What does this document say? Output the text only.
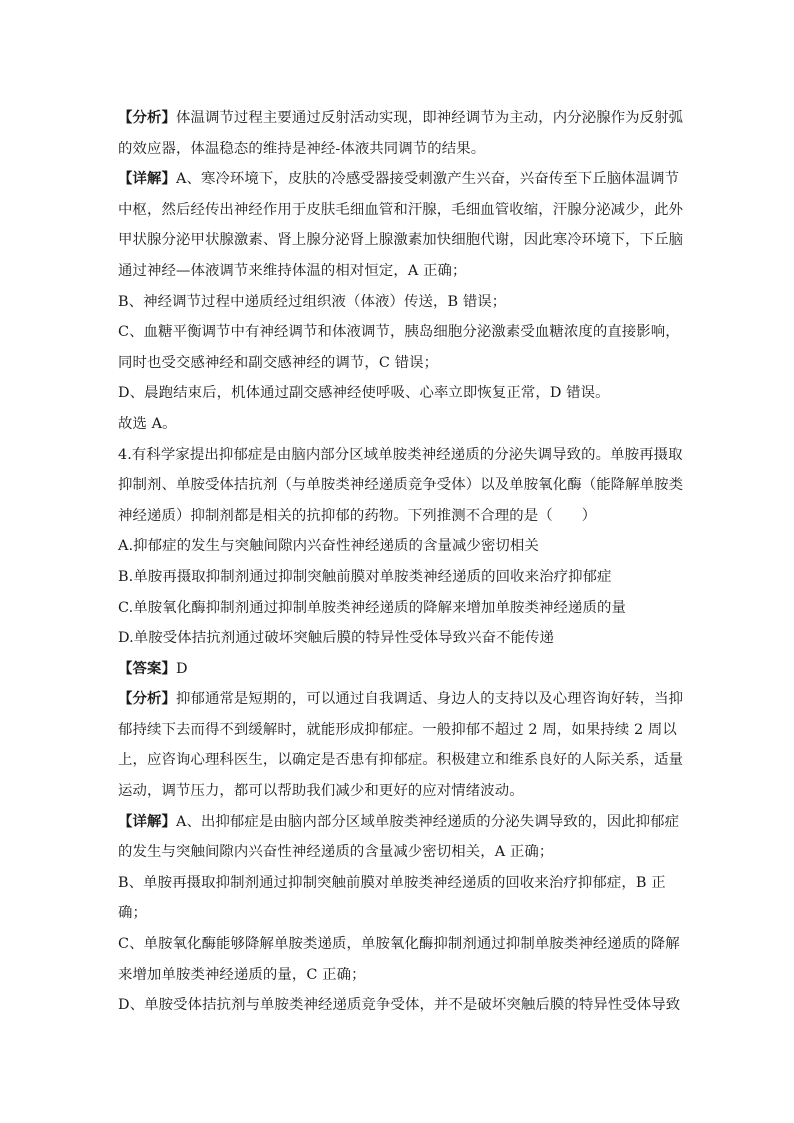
【分析】体温调节过程主要通过反射活动实现，即神经调节为主动，内分泌腺作为反射弧
的效应器，体温稳态的维持是神经-体液共同调节的结果。
【详解】A、寒冷环境下，皮肤的冷感受器接受刺激产生兴奋，兴奋传至下丘脑体温调节
中枢，然后经传出神经作用于皮肤毛细血管和汗腺，毛细血管收缩，汗腺分泌减少，此外
甲状腺分泌甲状腺激素、肾上腺分泌肾上腺激素加快细胞代谢，因此寒冷环境下，下丘脑
通过神经—体液调节来维持体温的相对恒定，A 正确；
B、神经调节过程中递质经过组织液（体液）传送，B 错误；
C、血糖平衡调节中有神经调节和体液调节，胰岛细胞分泌激素受血糖浓度的直接影响，
同时也受交感神经和副交感神经的调节，C 错误；
D、晨跑结束后，机体通过副交感神经使呼吸、心率立即恢复正常，D 错误。
故选 A。
4.有科学家提出抑郁症是由脑内部分区域单胺类神经递质的分泌失调导致的。单胺再摄取
抑制剂、单胺受体拮抗剂（与单胺类神经递质竞争受体）以及单胺氧化酶（能降解单胺类
神经递质）抑制剂都是相关的抗抑郁的药物。下列推测不合理的是（　　）
A.抑郁症的发生与突触间隙内兴奋性神经递质的含量减少密切相关
B.单胺再摄取抑制剂通过抑制突触前膜对单胺类神经递质的回收来治疗抑郁症
C.单胺氧化酶抑制剂通过抑制单胺类神经递质的降解来增加单胺类神经递质的量
D.单胺受体拮抗剂通过破坏突触后膜的特异性受体导致兴奋不能传递
【答案】D
【分析】抑郁通常是短期的，可以通过自我调适、身边人的支持以及心理咨询好转，当抑
郁持续下去而得不到缓解时，就能形成抑郁症。一般抑郁不超过 2 周，如果持续 2 周以
上，应咨询心理科医生，以确定是否患有抑郁症。积极建立和维系良好的人际关系，适量
运动，调节压力，都可以帮助我们减少和更好的应对情绪波动。
【详解】A、出抑郁症是由脑内部分区域单胺类神经递质的分泌失调导致的，因此抑郁症
的发生与突触间隙内兴奋性神经递质的含量减少密切相关，A 正确；
B、单胺再摄取抑制剂通过抑制突触前膜对单胺类神经递质的回收来治疗抑郁症，B 正
确；
C、单胺氧化酶能够降解单胺类递质，单胺氧化酶抑制剂通过抑制单胺类神经递质的降解
来增加单胺类神经递质的量，C 正确；
D、单胺受体拮抗剂与单胺类神经递质竞争受体，并不是破坏突触后膜的特异性受体导致
